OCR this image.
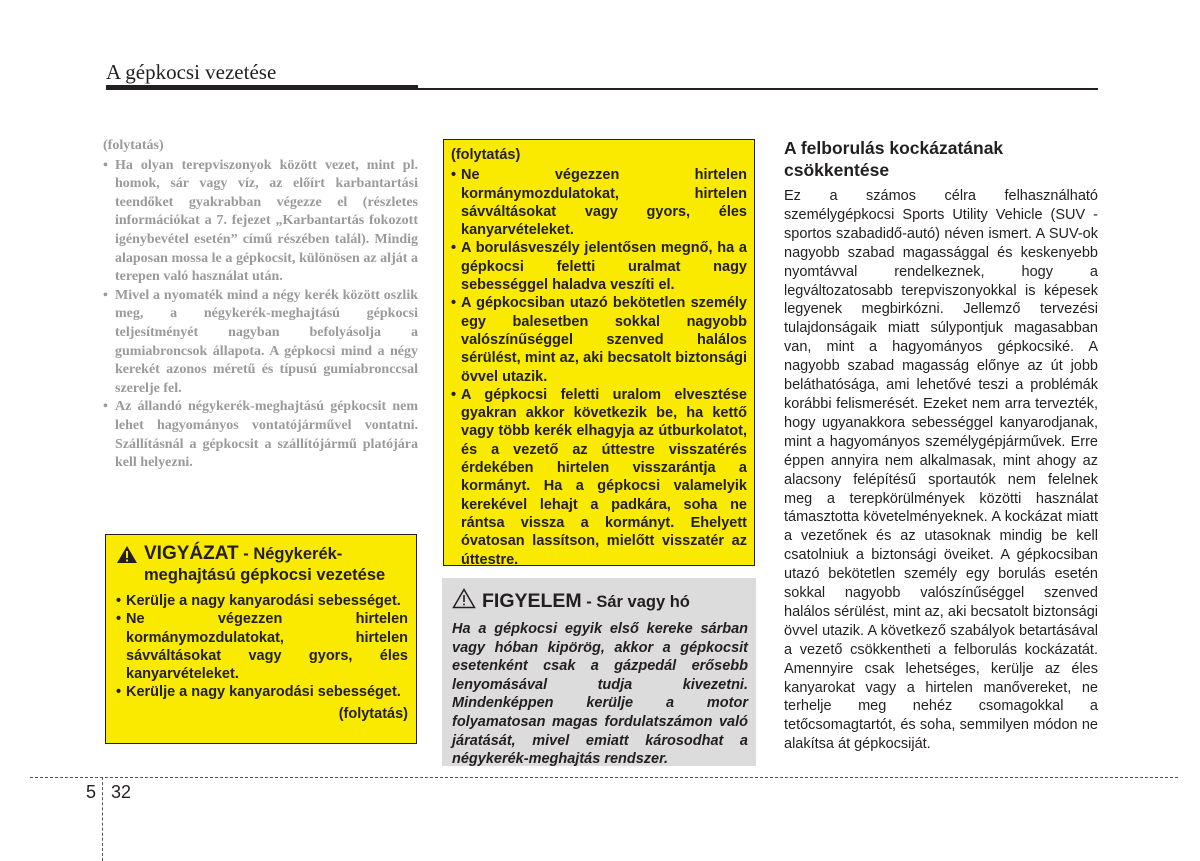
A gépkocsi vezetése
(folytatás)
• Ha olyan terepviszonyok között vezet, mint pl. homok, sár vagy víz, az előírt karbantartási teendőket gyakrabban végezze el (részletes információkat a 7. fejezet „Karbantartás fokozott igénybevétel esetén” című részében talál). Mindig alaposan mossa le a gépkocsit, különösen az alját a terepen való használat után.
• Mivel a nyomaték mind a négy kerék között oszlik meg, a négykerék-meghajtású gépkocsi teljesítményét nagyban befolyásolja a gumiabroncsok állapota. A gépkocsi mind a négy kerekét azonos méretű és típusú gumiabronccsal szerelje fel.
• Az állandó négykerék-meghajtású gépkocsit nem lehet hagyományos vontatójárművel vontatni. Szállításnál a gépkocsit a szállítójármű platójára kell helyezni.
VIGYÁZAT - Négykerék-meghajtású gépkocsi vezetése
• Kerülje a nagy kanyarodási sebességet.
• Ne végezzen hirtelen kormánymozdulatokat, hirtelen sávváltásokat vagy gyors, éles kanyarvételeket.
• Kerülje a nagy kanyarodási sebességet.
(folytatás)
(folytatás)
• Ne végezzen hirtelen kormánymozdulatokat, hirtelen sávváltásokat vagy gyors, éles kanyarvételeket.
• A borulásveszély jelentősen megnő, ha a gépkocsi feletti uralmat nagy sebességgel haladva veszíti el.
• A gépkocsiban utazó bekötetlen személy egy balesetben sokkal nagyobb valószínűséggel szenved halálos sérülést, mint az, aki becsatolt biztonsági övvel utazik.
• A gépkocsi feletti uralom elvesztése gyakran akkor következik be, ha kettő vagy több kerék elhagyja az útburkolatot, és a vezető az úttestre visszatérés érdekében hirtelen visszarántja a kormányt. Ha a gépkocsi valamelyik kerekével lehajt a padkára, soha ne rántsa vissza a kormányt. Ehelyett óvatosan lassítson, mielőtt visszatér az úttestre.
FIGYELEM - Sár vagy hó
Ha a gépkocsi egyik első kereke sárban vagy hóban kipörög, akkor a gépkocsit esetenként csak a gázpedál erősebb lenyomásával tudja kivezetni. Mindenképpen kerülje a motor folyamatosan magas fordulatszámon való járatását, mivel emiatt károsodhat a négykerék-meghajtás rendszer.
A felborulás kockázatának csökkentése

Ez a számos célra felhasználható személygépkocsi Sports Utility Vehicle (SUV - sportos szabadidő-autó) néven ismert. A SUV-ok nagyobb szabad magassággal és keskenyebb nyomtávval rendelkeznek, hogy a legváltozatosabb terepviszonyokkal is képesek legyenek megbirkózni. Jellemző tervezési tulajdonságaik miatt súlypontjuk magasabban van, mint a hagyományos gépkocsiké. A nagyobb szabad magasság előnye az út jobb beláthatósága, ami lehetővé teszi a problémák korábbi felismerését. Ezeket nem arra tervezték, hogy ugyanakkora sebességgel kanyarodjanak, mint a hagyományos személygépjárművek. Erre éppen annyira nem alkalmasak, mint ahogy az alacsony felépítésű sportautók nem felelnek meg a terepkörülmények közötti használat támasztotta követelményeknek. A kockázat miatt a vezetőnek és az utasoknak mindig be kell csatolniuk a biztonsági öveiket. A gépkocsiban utazó bekötetlen személy egy borulás esetén sokkal nagyobb valószínűséggel szenved halálos sérülést, mint az, aki becsatolt biztonsági övvel utazik. A következő szabályok betartásával a vezető csökkentheti a felborulás kockázatát. Amennyire csak lehetséges, kerülje az éles kanyarokat vagy a hirtelen manővereket, ne terhelje meg nehéz csomagokkal a tetőcsomagtartót, és soha, semmilyen módon ne alakítsa át gépkocsiját.

5 32
